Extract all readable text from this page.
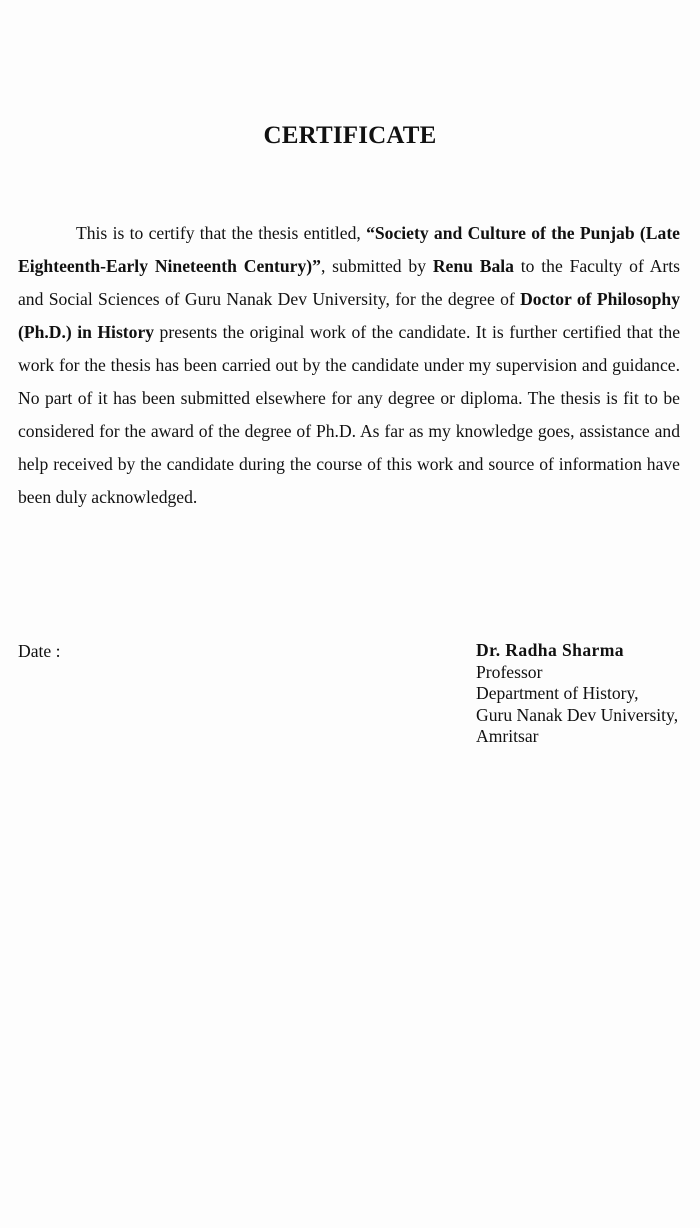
CERTIFICATE

This is to certify that the thesis entitled, “Society and Culture of the Punjab (Late Eighteenth-Early Nineteenth Century)”, submitted by Renu Bala to the Faculty of Arts and Social Sciences of Guru Nanak Dev University, for the degree of Doctor of Philosophy (Ph.D.) in History presents the original work of the candidate. It is further certified that the work for the thesis has been carried out by the candidate under my supervision and guidance. No part of it has been submitted elsewhere for any degree or diploma. The thesis is fit to be considered for the award of the degree of Ph.D. As far as my knowledge goes, assistance and help received by the candidate during the course of this work and source of information have been duly acknowledged.

Date :	Dr. Radha Sharma
Professor
Department of History,
Guru Nanak Dev University,
Amritsar
